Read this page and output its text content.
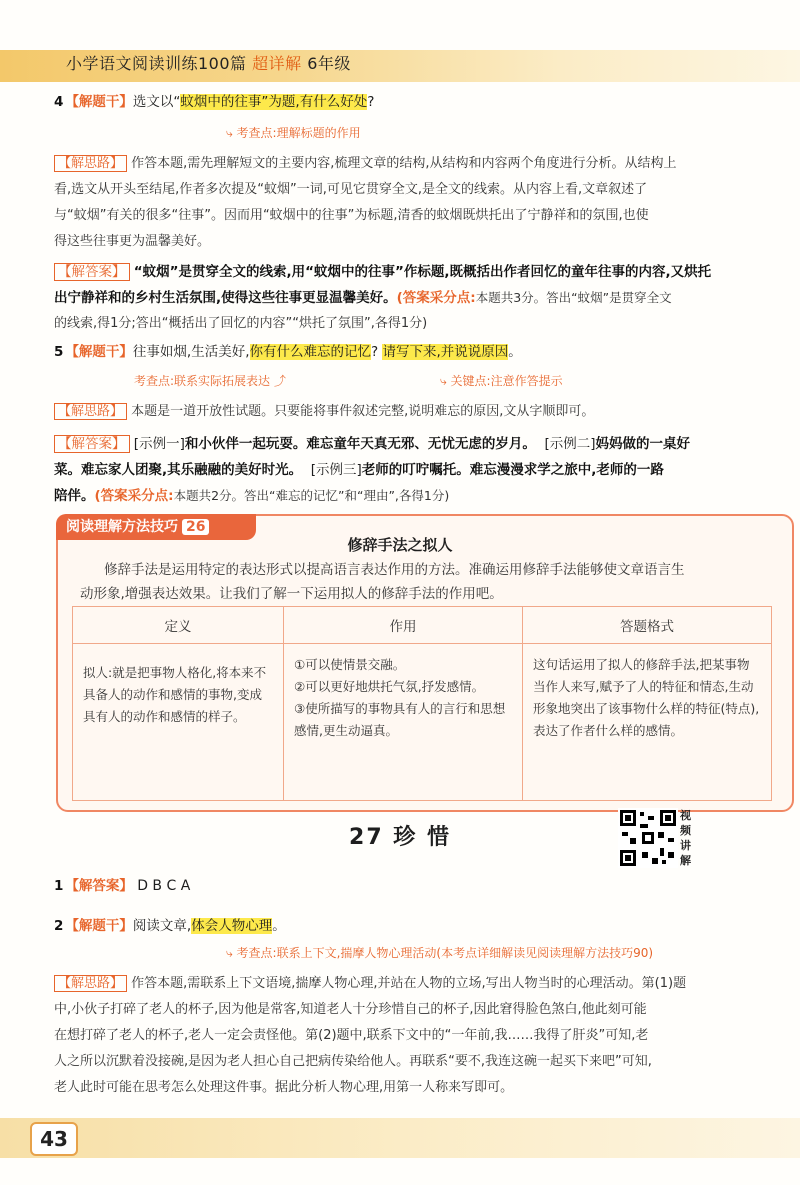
小学语文阅读训练100篇 超详解 6年级
4 【解题干】选文以“蚊烟中的往事”为题,有什么好处?
⤷ 考查点:理解标题的作用
【解思路】 作答本题,需先理解短文的主要内容,梳理文章的结构,从结构和内容两个角度进行分析。从结构上
看,选文从开头至结尾,作者多次提及“蚊烟”一词,可见它贯穿全文,是全文的线索。从内容上看,文章叙述了
与“蚊烟”有关的很多“往事”。因而用“蚊烟中的往事”为标题,清香的蚊烟既烘托出了宁静祥和的氛围,也使
得这些往事更为温馨美好。
【解答案】 “蚊烟”是贯穿全文的线索,用“蚊烟中的往事”作标题,既概括出作者回忆的童年往事的内容,又烘托
出宁静祥和的乡村生活氛围,使得这些往事更显温馨美好。(答案采分点:本题共3分。答出“蚊烟”是贯穿全文
的线索,得1分;答出“概括出了回忆的内容”“烘托了氛围”,各得1分)
5 【解题干】往事如烟,生活美好,你有什么难忘的记忆? 请写下来,并说说原因。
考查点:联系实际拓展表达 ⤴	⤷ 关键点:注意作答提示
【解思路】 本题是一道开放性试题。只要能将事件叙述完整,说明难忘的原因,文从字顺即可。
【解答案】 [示例一]和小伙伴一起玩耍。难忘童年天真无邪、无忧无虑的岁月。 [示例二]妈妈做的一桌好
菜。难忘家人团聚,其乐融融的美好时光。 [示例三]老师的叮咛嘱托。难忘漫漫求学之旅中,老师的一路
陪伴。(答案采分点:本题共2分。答出“难忘的记忆”和“理由”,各得1分)
阅读理解方法技巧 26
修辞手法之拟人
修辞手法是运用特定的表达形式以提高语言表达作用的方法。准确运用修辞手法能够使文章语言生
动形象,增强表达效果。让我们了解一下运用拟人的修辞手法的作用吧。
定义	作用	答题格式
拟人:就是把事物人格化,将本来不具备人的动作和感情的事物,变成具有人的动作和感情的样子。	①可以使情景交融。
②可以更好地烘托气氛,抒发感情。
③使所描写的事物具有人的言行和思想感情,更生动逼真。	这句话运用了拟人的修辞手法,把某事物当作人来写,赋予了人的特征和情态,生动形象地突出了该事物什么样的特征(特点),表达了作者什么样的感情。
27 珍 惜
视频讲解
1 【解答案】 D B C A
2 【解题干】阅读文章,体会人物心理。
⤷ 考查点:联系上下文,揣摩人物心理活动(本考点详细解读见阅读理解方法技巧90)
【解思路】 作答本题,需联系上下文语境,揣摩人物心理,并站在人物的立场,写出人物当时的心理活动。第(1)题
中,小伙子打碎了老人的杯子,因为他是常客,知道老人十分珍惜自己的杯子,因此窘得脸色煞白,他此刻可能
在想打碎了老人的杯子,老人一定会责怪他。第(2)题中,联系下文中的“一年前,我……我得了肝炎”可知,老
人之所以沉默着没接碗,是因为老人担心自己把病传染给他人。再联系“要不,我连这碗一起买下来吧”可知,
老人此时可能在思考怎么处理这件事。据此分析人物心理,用第一人称来写即可。
43
